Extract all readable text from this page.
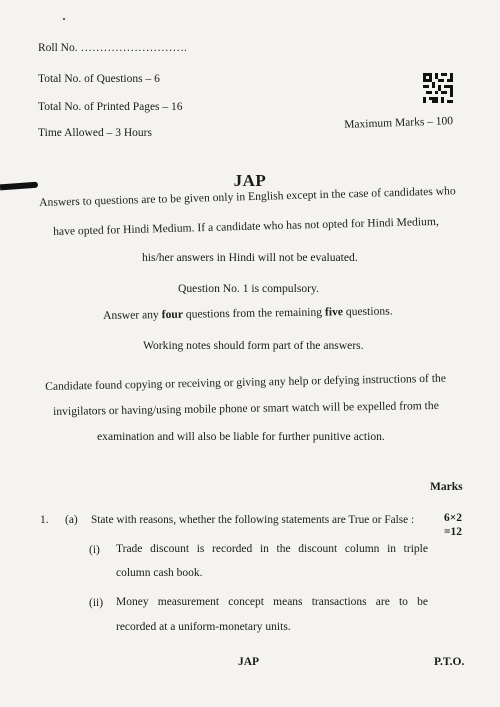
Roll No. ……………………….
Total No. of Questions – 6
Total No. of Printed Pages – 16
Time Allowed – 3 Hours
Maximum Marks – 100
JAP
Answers to questions are to be given only in English except in the case of candidates who
have opted for Hindi Medium. If a candidate who has not opted for Hindi Medium,
his/her answers in Hindi will not be evaluated.
Question No. 1 is compulsory.
Answer any four questions from the remaining five questions.
Working notes should form part of the answers.
Candidate found copying or receiving or giving any help or defying instructions of the
invigilators or having/using mobile phone or smart watch will be expelled from the
examination and will also be liable for further punitive action.
Marks
1. (a) State with reasons, whether the following statements are True or False :	6×2
=12
(i) Trade discount is recorded in the discount column in triple
column cash book.
(ii) Money measurement concept means transactions are to be
recorded at a uniform-monetary units.
JAP	P.T.O.
